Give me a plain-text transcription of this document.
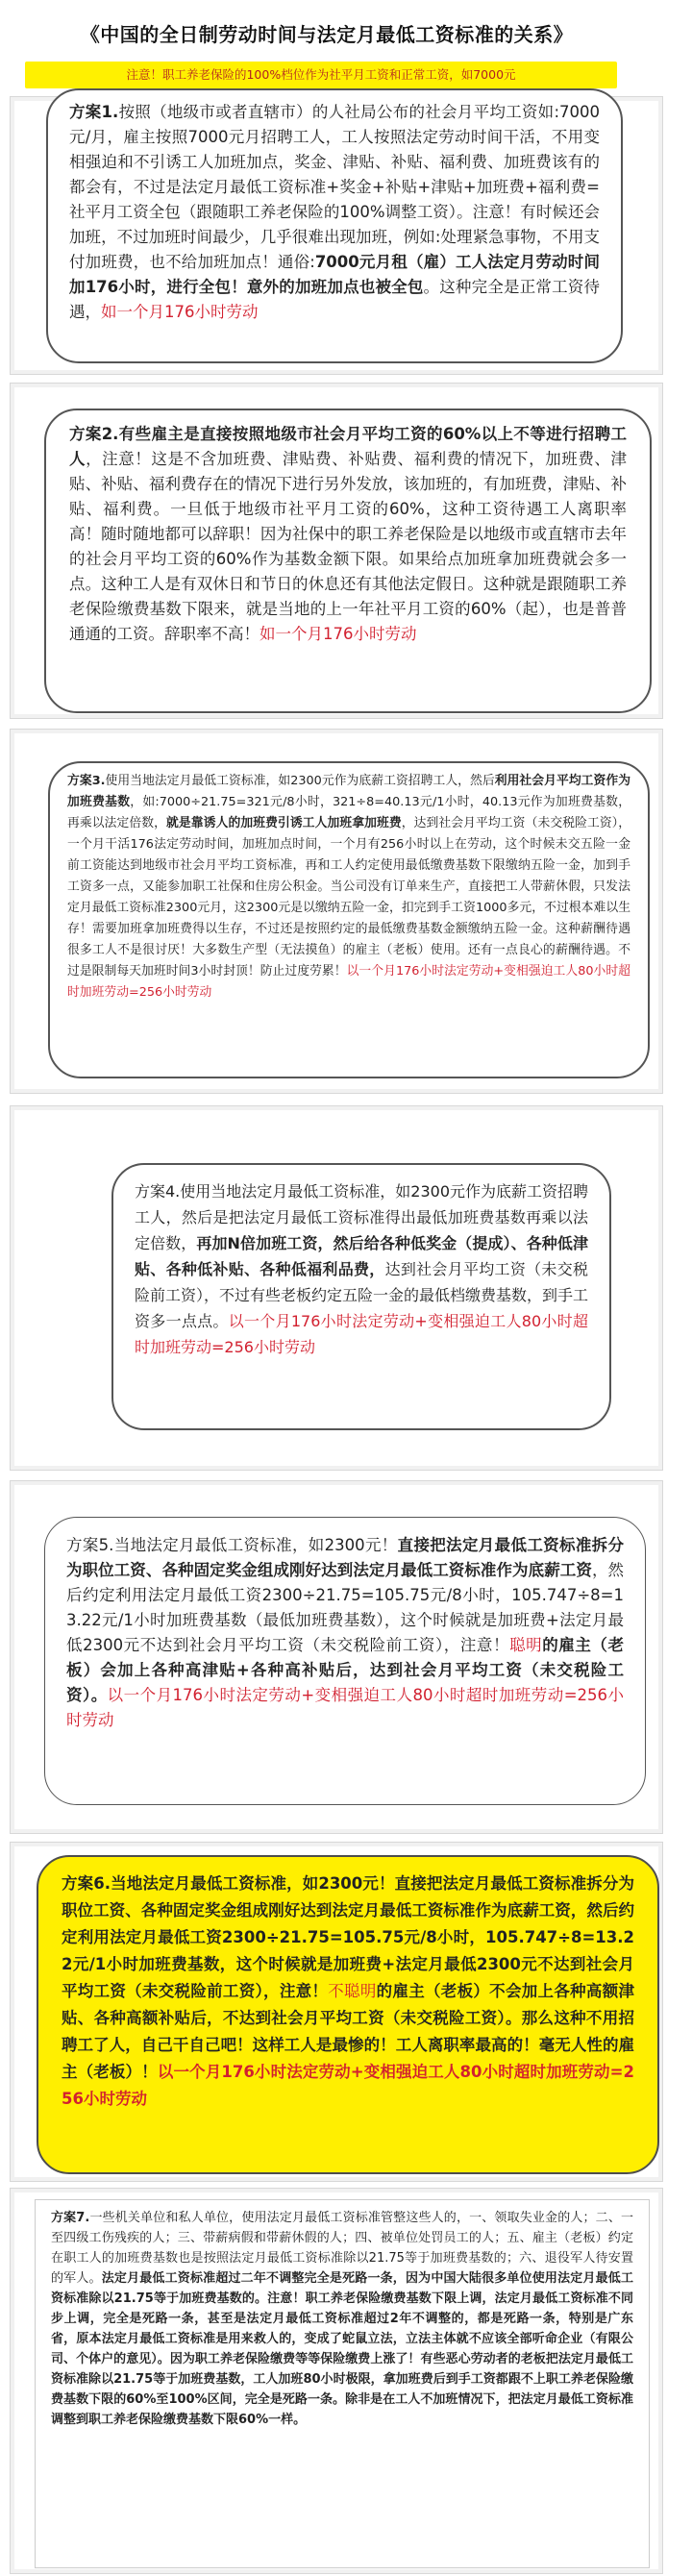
《中国的全日制劳动时间与法定月最低工资标准的关系》
注意！职工养老保险的100%档位作为社平月工资和正常工资，如7000元
方案1.按照（地级市或者直辖市）的人社局公布的社会月平均工资如:7000元/月，雇主按照7000元月招聘工人，工人按照法定劳动时间干活，不用变相强迫和不引诱工人加班加点，奖金、津贴、补贴、福利费、加班费该有的都会有，不过是法定月最低工资标准+奖金+补贴+津贴+加班费+福利费=社平月工资全包（跟随职工养老保险的100%调整工资）。注意！有时候还会加班，不过加班时间最少，几乎很难出现加班，例如:处理紧急事物，不用支付加班费，也不给加班加点！通俗:7000元月租（雇）工人法定月劳动时间加176小时，进行全包！意外的加班加点也被全包。这种完全是正常工资待遇，如一个月176小时劳动
方案2.有些雇主是直接按照地级市社会月平均工资的60%以上不等进行招聘工人，注意！这是不含加班费、津贴费、补贴费、福利费的情况下，加班费、津贴、补贴、福利费存在的情况下进行另外发放，该加班的，有加班费，津贴、补贴、福利费。一旦低于地级市社平月工资的60%，这种工资待遇工人离职率高！随时随地都可以辞职！因为社保中的职工养老保险是以地级市或直辖市去年的社会月平均工资的60%作为基数金额下限。如果给点加班拿加班费就会多一点。这种工人是有双休日和节日的休息还有其他法定假日。这种就是跟随职工养老保险缴费基数下限来，就是当地的上一年社平月工资的60%（起），也是普普通通的工资。辞职率不高！如一个月176小时劳动
方案3.使用当地法定月最低工资标准，如2300元作为底薪工资招聘工人，然后利用社会月平均工资作为加班费基数，如:7000÷21.75=321元/8小时，321÷8=40.13元/1小时，40.13元作为加班费基数，再乘以法定倍数，就是靠诱人的加班费引诱工人加班拿加班费，达到社会月平均工资（未交税险工资），一个月干活176法定劳动时间，加班加点时间，一个月有256小时以上在劳动，这个时候未交五险一金前工资能达到地级市社会月平均工资标准，再和工人约定使用最低缴费基数下限缴纳五险一金，加到手工资多一点，又能参加职工社保和住房公积金。当公司没有订单来生产，直接把工人带薪休假，只发法定月最低工资标准2300元月，这2300元是以缴纳五险一金，扣完到手工资1000多元，不过根本难以生存！需要加班拿加班费得以生存，不过还是按照约定的最低缴费基数金额缴纳五险一金。这种薪酬待遇很多工人不是很讨厌！大多数生产型（无法摸鱼）的雇主（老板）使用。还有一点良心的薪酬待遇。不过是限制每天加班时间3小时封顶！防止过度劳累！以一个月176小时法定劳动+变相强迫工人80小时超时加班劳动=256小时劳动
方案4.使用当地法定月最低工资标准，如2300元作为底薪工资招聘工人，然后是把法定月最低工资标准得出最低加班费基数再乘以法定倍数，再加N倍加班工资，然后给各种低奖金（提成）、各种低津贴、各种低补贴、各种低福利品费，达到社会月平均工资（未交税险前工资），不过有些老板约定五险一金的最低档缴费基数，到手工资多一点点。以一个月176小时法定劳动+变相强迫工人80小时超时加班劳动=256小时劳动
方案5.当地法定月最低工资标准，如2300元！直接把法定月最低工资标准拆分为职位工资、各种固定奖金组成刚好达到法定月最低工资标准作为底薪工资，然后约定利用法定月最低工资2300÷21.75=105.75元/8小时，105.747÷8=13.22元/1小时加班费基数（最低加班费基数），这个时候就是加班费+法定月最低2300元不达到社会月平均工资（未交税险前工资），注意！聪明的雇主（老板）会加上各种高津贴+各种高补贴后，达到社会月平均工资（未交税险工资）。以一个月176小时法定劳动+变相强迫工人80小时超时加班劳动=256小时劳动
方案6.当地法定月最低工资标准，如2300元！直接把法定月最低工资标准拆分为职位工资、各种固定奖金组成刚好达到法定月最低工资标准作为底薪工资，然后约定利用法定月最低工资2300÷21.75=105.75元/8小时，105.747÷8=13.22元/1小时加班费基数，这个时候就是加班费+法定月最低2300元不达到社会月平均工资（未交税险前工资），注意！不聪明的雇主（老板）不会加上各种高额津贴、各种高额补贴后，不达到社会月平均工资（未交税险工资）。那么这种不用招聘工了人，自己干自己吧！这样工人是最惨的！工人离职率最高的！毫无人性的雇主（老板）！以一个月176小时法定劳动+变相强迫工人80小时超时加班劳动=256小时劳动
方案7.一些机关单位和私人单位，使用法定月最低工资标准管整这些人的，一、领取失业金的人；二、一至四级工伤残疾的人；三、带薪病假和带薪休假的人；四、被单位处罚员工的人；五、雇主（老板）约定在职工人的加班费基数也是按照法定月最低工资标准除以21.75等于加班费基数的；六、退役军人待安置的军人。法定月最低工资标准超过二年不调整完全是死路一条，因为中国大陆很多单位使用法定月最低工资标准除以21.75等于加班费基数的。注意！职工养老保险缴费基数下限上调，法定月最低工资标准不同步上调，完全是死路一条，甚至是法定月最低工资标准超过2年不调整的，都是死路一条，特别是广东省，原本法定月最低工资标准是用来救人的，变成了蛇鼠立法，立法主体就不应该全部听命企业（有限公司、个体户的意见）。因为职工养老保险缴费等等保险缴费上涨了！有些恶心劳动者的老板把法定月最低工资标准除以21.75等于加班费基数，工人加班80小时极限，拿加班费后到手工资都跟不上职工养老保险缴费基数下限的60%至100%区间，完全是死路一条。除非是在工人不加班情况下，把法定月最低工资标准调整到职工养老保险缴费基数下限60%一样。
